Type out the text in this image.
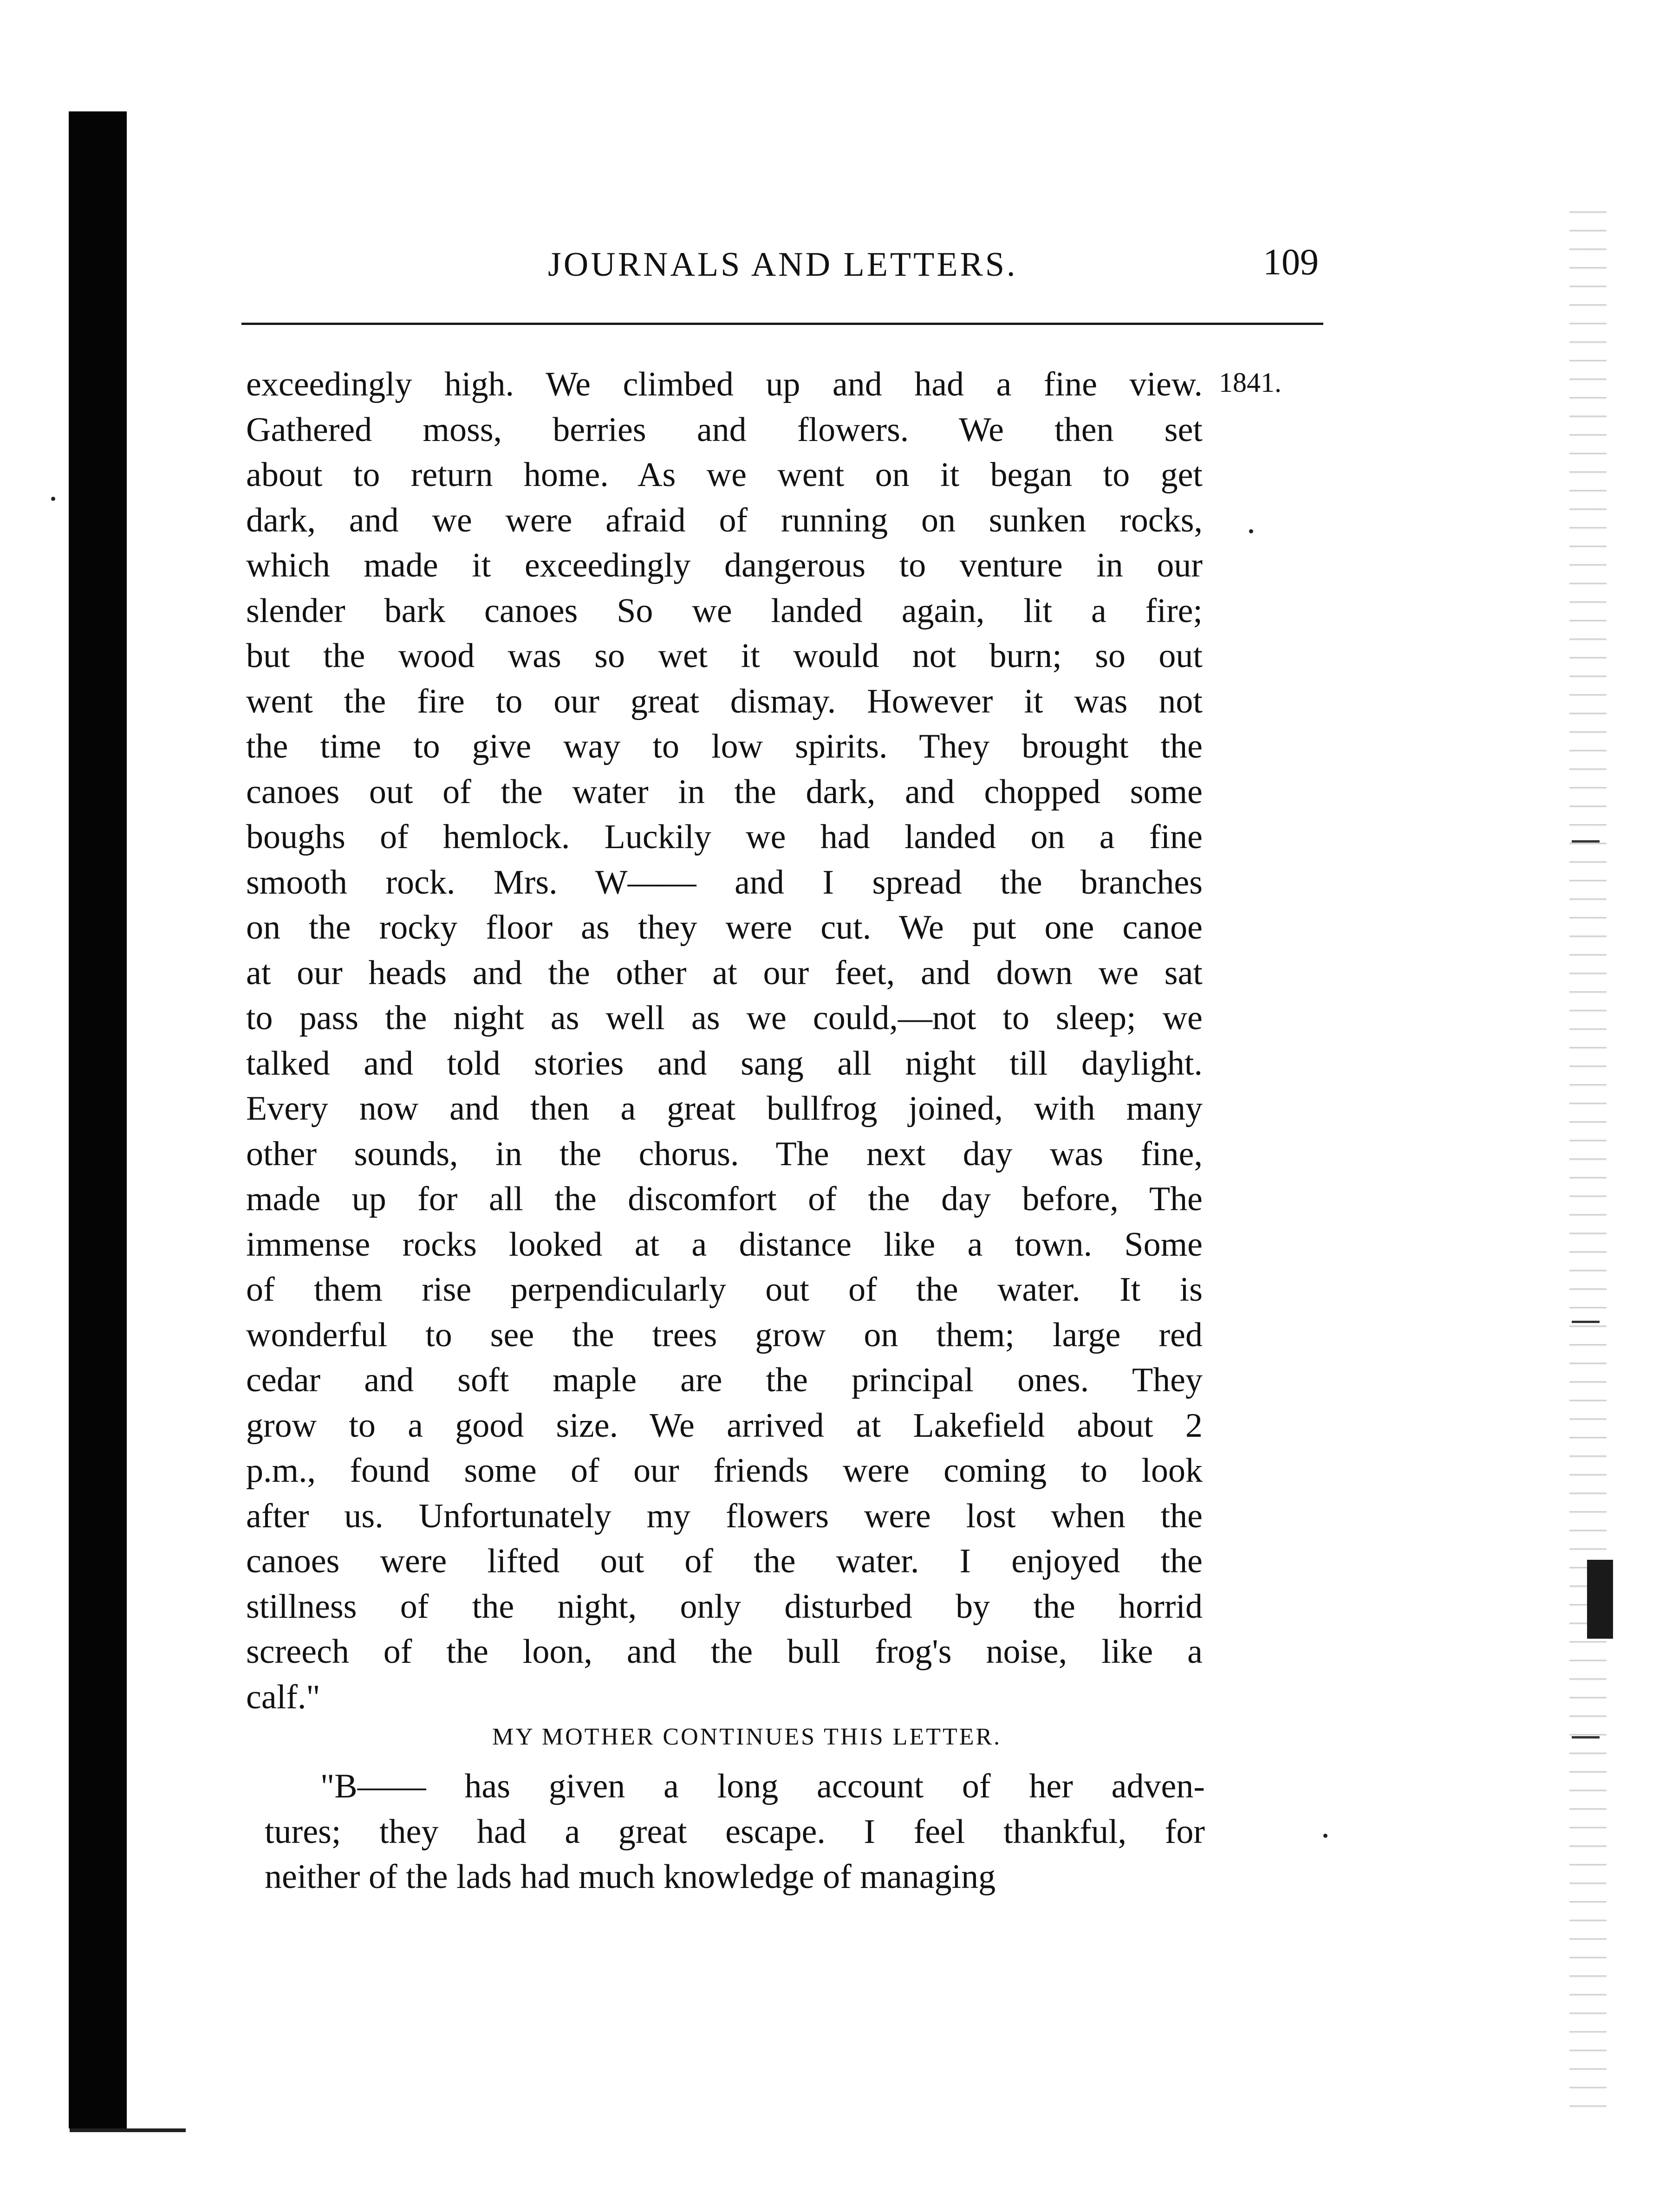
JOURNALS AND LETTERS.	109
1841.
exceedingly high. We climbed up and had a fine view.
Gathered moss, berries and flowers. We then set
about to return home. As we went on it began to get
dark, and we were afraid of running on sunken rocks,
which made it exceedingly dangerous to venture in our
slender bark canoes So we landed again, lit a fire;
but the wood was so wet it would not burn; so out
went the fire to our great dismay. However it was not
the time to give way to low spirits. They brought the
canoes out of the water in the dark, and chopped some
boughs of hemlock. Luckily we had landed on a fine
smooth rock. Mrs. W—— and I spread the branches
on the rocky floor as they were cut. We put one canoe
at our heads and the other at our feet, and down we sat
to pass the night as well as we could,—not to sleep; we
talked and told stories and sang all night till daylight.
Every now and then a great bullfrog joined, with many
other sounds, in the chorus. The next day was fine,
made up for all the discomfort of the day before, The
immense rocks looked at a distance like a town. Some
of them rise perpendicularly out of the water. It is
wonderful to see the trees grow on them; large red
cedar and soft maple are the principal ones. They
grow to a good size. We arrived at Lakefield about 2
p.m., found some of our friends were coming to look
after us. Unfortunately my flowers were lost when the
canoes were lifted out of the water. I enjoyed the
stillness of the night, only disturbed by the horrid
screech of the loon, and the bull frog's noise, like a
calf."
MY MOTHER CONTINUES THIS LETTER.
"B—— has given a long account of her adven-
tures; they had a great escape. I feel thankful, for
neither of the lads had much knowledge of managing
